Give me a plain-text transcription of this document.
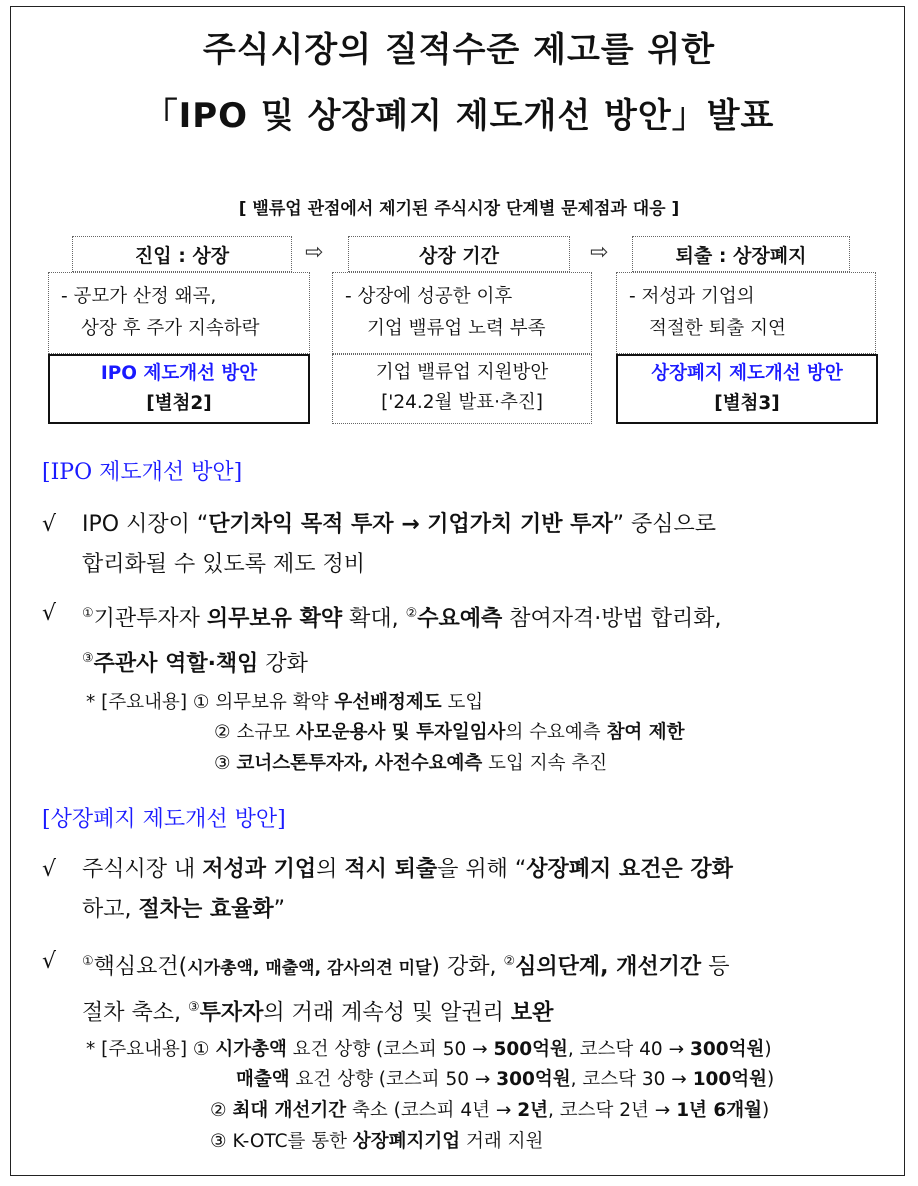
주식시장의 질적수준 제고를 위한
「IPO 및 상장폐지 제도개선 방안」발표
[ 밸류업 관점에서 제기된 주식시장 단계별 문제점과 대응 ]
진입 : 상장	⇨	상장 기간	⇨	퇴출 : 상장폐지
- 공모가 산정 왜곡,
상장 후 주가 지속하락
- 상장에 성공한 이후
기업 밸류업 노력 부족
- 저성과 기업의
적절한 퇴출 지연
IPO 제도개선 방안
[별첨2]
기업 밸류업 지원방안
['24.2월 발표·추진]
상장폐지 제도개선 방안
[별첨3]
[IPO 제도개선 방안]
√ IPO 시장이 “단기차익 목적 투자 → 기업가치 기반 투자” 중심으로
합리화될 수 있도록 제도 정비
√ ①기관투자자 의무보유 확약 확대, ②수요예측 참여자격·방법 합리화,
③주관사 역할·책임 강화
* [주요내용] ① 의무보유 확약 우선배정제도 도입
② 소규모 사모운용사 및 투자일임사의 수요예측 참여 제한
③ 코너스톤투자자, 사전수요예측 도입 지속 추진
[상장폐지 제도개선 방안]
√ 주식시장 내 저성과 기업의 적시 퇴출을 위해 “상장폐지 요건은 강화
하고, 절차는 효율화”
√ ①핵심요건(시가총액, 매출액, 감사의견 미달) 강화, ②심의단계, 개선기간 등
절차 축소, ③투자자의 거래 계속성 및 알권리 보완
* [주요내용] ① 시가총액 요건 상향 (코스피 50 → 500억원, 코스닥 40 → 300억원)
매출액 요건 상향 (코스피 50 → 300억원, 코스닥 30 → 100억원)
② 최대 개선기간 축소 (코스피 4년 → 2년, 코스닥 2년 → 1년 6개월)
③ K-OTC를 통한 상장폐지기업 거래 지원
